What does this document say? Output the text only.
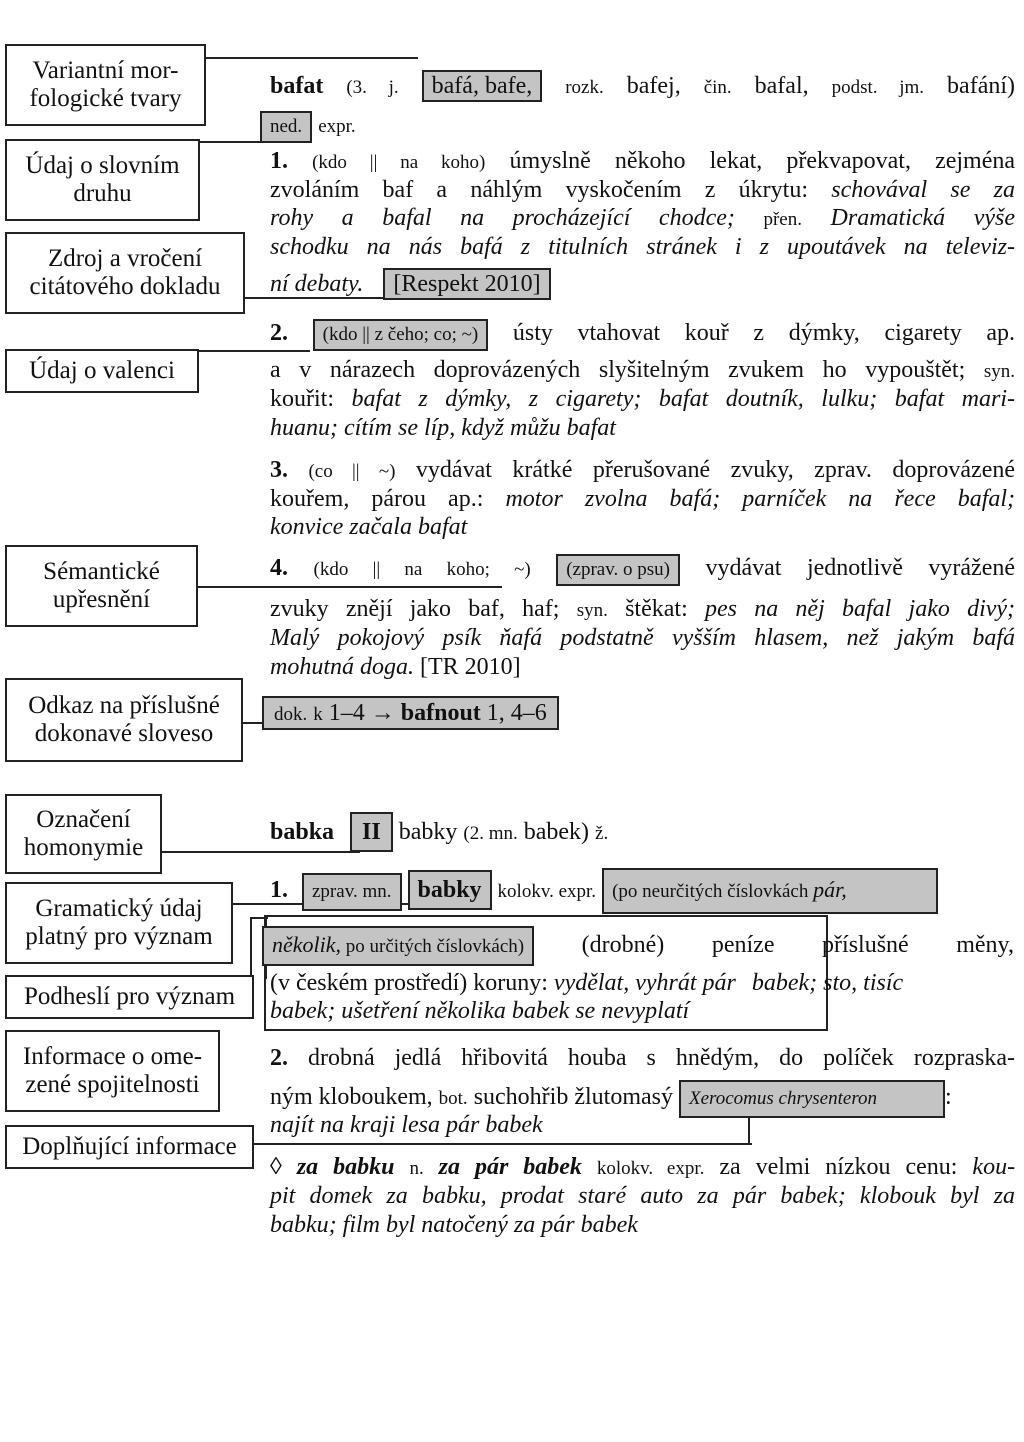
Variantní mor-
fologické tvary
Údaj o slovním
druhu
Zdroj a vročení
citátového dokladu
Údaj o valenci
Sémantické
upřesnění
Odkaz na příslušné
dokonavé sloveso
Označení
homonymie
Gramatický údaj
platný pro význam
Podheslí pro význam
Informace o ome-
zené spojitelnosti
Doplňující informace
bafat (3. j. bafá, bafe, rozk. bafej, čin. bafal, podst. jm. bafání)
ned. expr.
1. (kdo || na koho) úmyslně někoho lekat, překvapovat, zejména
zvoláním baf a náhlým vyskočením z úkrytu: schovával se za
rohy a bafal na procházející chodce; přen. Dramatická výše
schodku na nás bafá z titulních stránek i z upoutávek na televiz-
ní debaty. [Respekt 2010]
2. (kdo || z čeho; co; ~) ústy vtahovat kouř z dýmky, cigarety ap.
a v nárazech doprovázených slyšitelným zvukem ho vypouštět; syn.
kouřit: bafat z dýmky, z cigarety; bafat doutník, lulku; bafat mari-
huanu; cítím se líp, když můžu bafat
3. (co || ~) vydávat krátké přerušované zvuky, zprav. doprovázené
kouřem, párou ap.: motor zvolna bafá; parníček na řece bafal;
konvice začala bafat
4. (kdo || na koho; ~) (zprav. o psu) vydávat jednotlivě vyrážené
zvuky znějí jako baf, haf; syn. štěkat: pes na něj bafal jako divý;
Malý pokojový psík ňafá podstatně vyšším hlasem, než jakým bafá
mohutná doga. [TR 2010]
dok. k 1–4 → bafnout 1, 4–6
babka II babky (2. mn. babek) ž.
1. zprav. mn. babky kolokv. expr. (po neurčitých číslovkách pár,
několik, po určitých číslovkách) (drobné) peníze příslušné měny,
(v českém prostředí) koruny: vydělat, vyhrát pár babek; sto, tisíc
babek; ušetření několika babek se nevyplatí
2. drobná jedlá hřibovitá houba s hnědým, do políček rozpraska-
ným kloboukem, bot. suchohřib žlutomasý Xerocomus chrysenteron	:
najít na kraji lesa pár babek
◊ za babku n. za pár babek kolokv. expr. za velmi nízkou cenu: kou-
pit domek za babku, prodat staré auto za pár babek; klobouk byl za
babku; film byl natočený za pár babek
